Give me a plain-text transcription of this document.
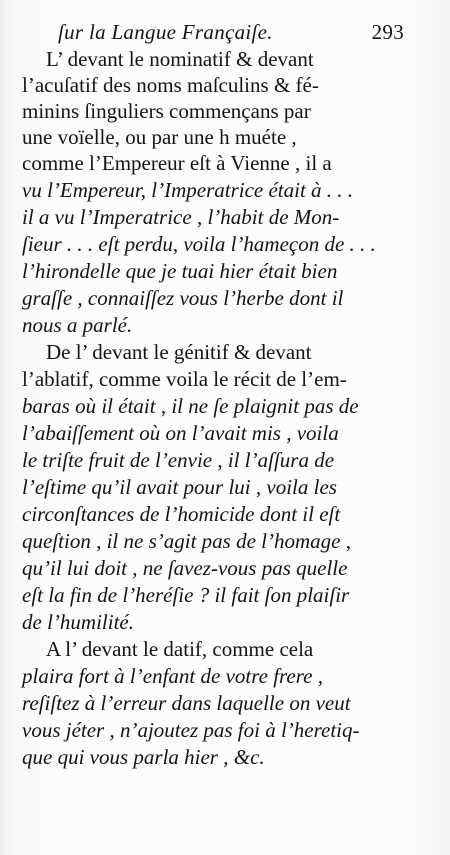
ſur la Langue Françaiſe.	293
L’ devant le nominatif & devant
l’acuſatif des noms maſculins & fé-
minins ſinguliers commençans par
une voïelle, ou par une h muéte ,
comme l’Empereur eſt à Vienne , il a
vu l’Empereur, l’Imperatrice était à . . .
il a vu l’Imperatrice , l’habit de Mon-
ſieur . . . eſt perdu, voila l’hameçon de . . .
l’hirondelle que je tuai hier était bien
graſſe , connaiſſez vous l’herbe dont il
nous a parlé.
De l’ devant le génitif & devant
l’ablatif, comme voila le récit de l’em-
baras où il était , il ne ſe plaignit pas de
l’abaiſſement où on l’avait mis , voila
le triſte fruit de l’envie , il l’aſſura de
l’eſtime qu’il avait pour lui , voila les
circonſtances de l’homicide dont il eſt
queſtion , il ne s’agit pas de l’homage ,
qu’il lui doit , ne ſavez-vous pas quelle
eſt la fin de l’heréſie ? il fait ſon plaiſir
de l’humilité.
A l’ devant le datif, comme cela
plaira fort à l’enfant de votre frere ,
reſiſtez à l’erreur dans laquelle on veut
vous jéter , n’ajoutez pas foi à l’heretiq-
que qui vous parla hier , &c.
